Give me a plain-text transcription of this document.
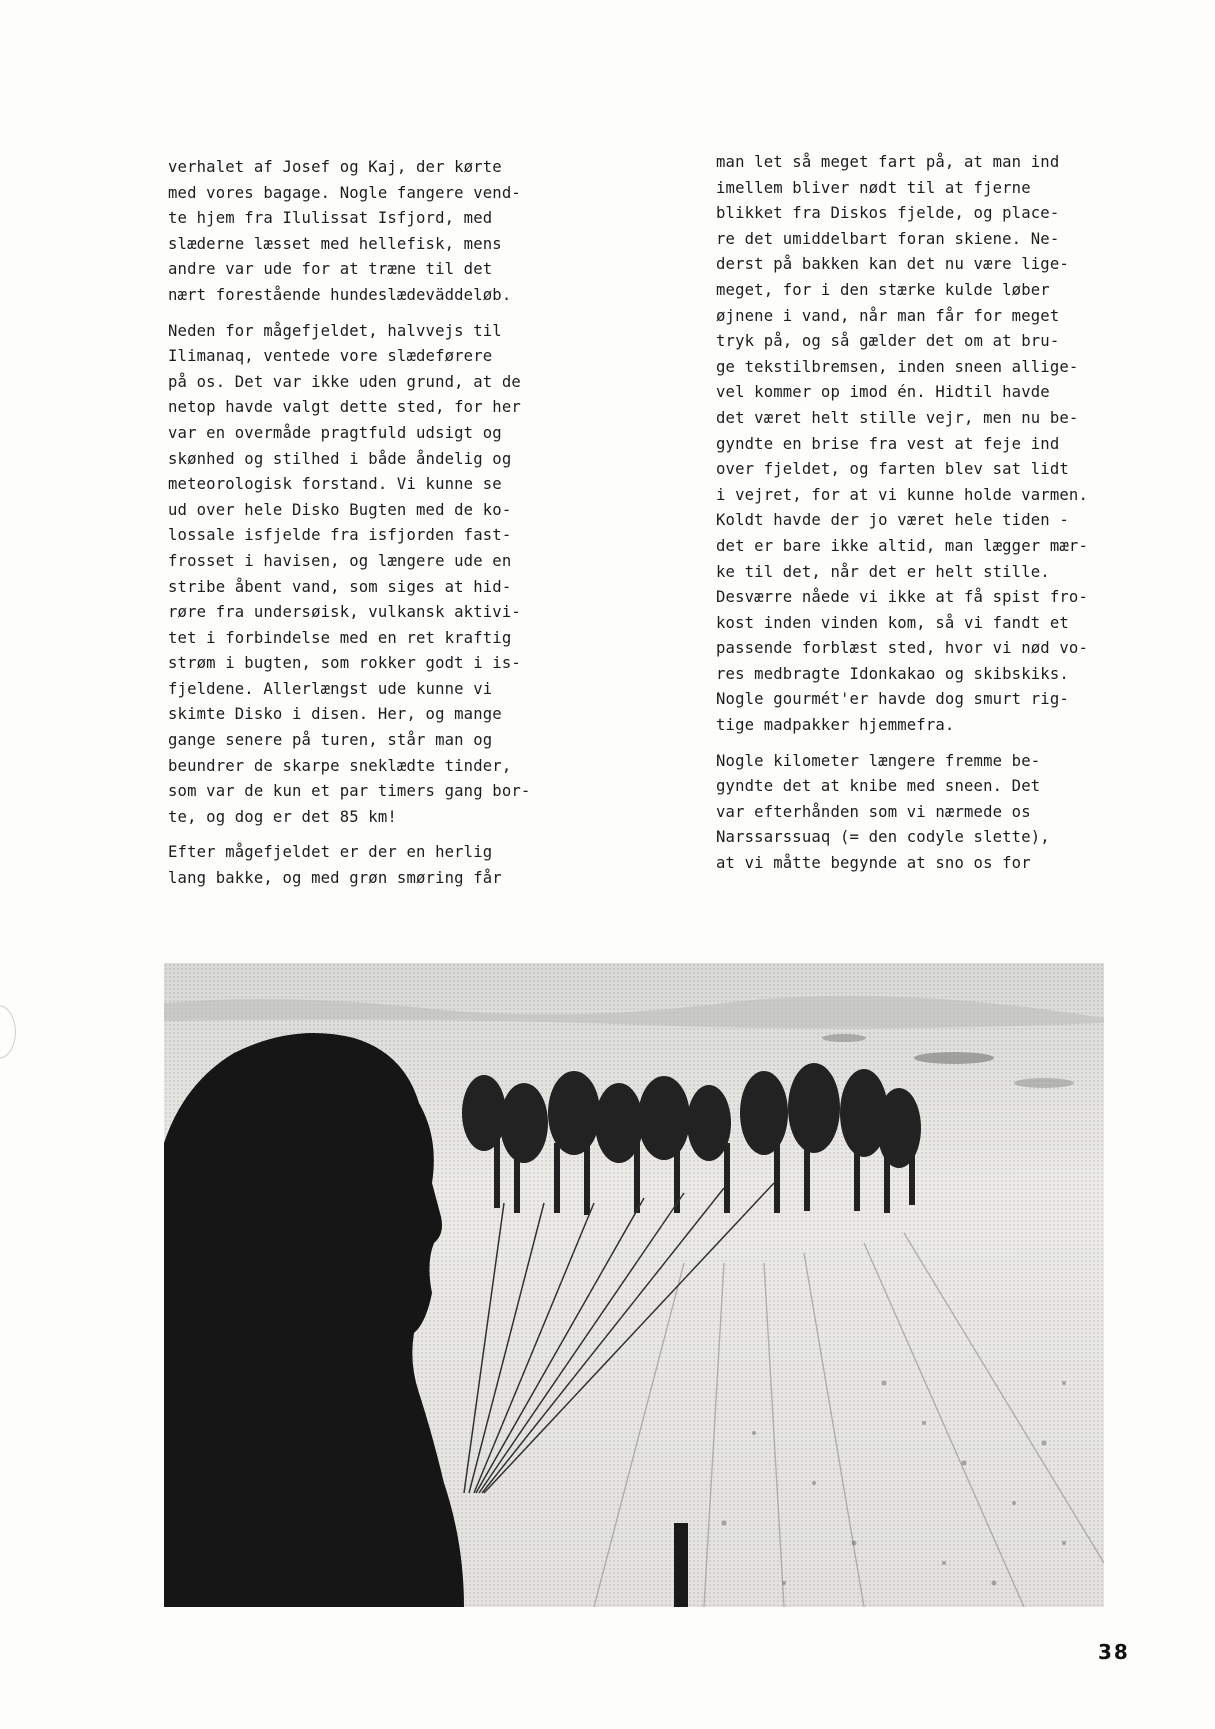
verhalet af Josef og Kaj, der kørte
med vores bagage. Nogle fangere vend-
te hjem fra Ilulissat Isfjord, med
slæderne læsset med hellefisk, mens
andre var ude for at træne til det
nært forestående hundeslædeväddeløb.
Neden for mågefjeldet, halvvejs til
Ilimanaq, ventede vore slædeførere
på os. Det var ikke uden grund, at de
netop havde valgt dette sted, for her
var en overmåde pragtfuld udsigt og
skønhed og stilhed i både åndelig og
meteorologisk forstand. Vi kunne se
ud over hele Disko Bugten med de ko-
lossale isfjelde fra isfjorden fast-
frosset i havisen, og længere ude en
stribe åbent vand, som siges at hid-
røre fra undersøisk, vulkansk aktivi-
tet i forbindelse med en ret kraftig
strøm i bugten, som rokker godt i is-
fjeldene. Allerlængst ude kunne vi
skimte Disko i disen. Her, og mange
gange senere på turen, står man og
beundrer de skarpe sneklædte tinder,
som var de kun et par timers gang bor-
te, og dog er det 85 km!
Efter mågefjeldet er der en herlig
lang bakke, og med grøn smøring får
man let så meget fart på, at man ind
imellem bliver nødt til at fjerne
blikket fra Diskos fjelde, og place-
re det umiddelbart foran skiene. Ne-
derst på bakken kan det nu være lige-
meget, for i den stærke kulde løber
øjnene i vand, når man får for meget
tryk på, og så gælder det om at bru-
ge tekstilbremsen, inden sneen allige-
vel kommer op imod én. Hidtil havde
det været helt stille vejr, men nu be-
gyndte en brise fra vest at feje ind
over fjeldet, og farten blev sat lidt
i vejret, for at vi kunne holde varmen.
Koldt havde der jo været hele tiden -
det er bare ikke altid, man lægger mær-
ke til det, når det er helt stille.
Desværre nåede vi ikke at få spist fro-
kost inden vinden kom, så vi fandt et
passende forblæst sted, hvor vi nød vo-
res medbragte Idonkakao og skibskiks.
Nogle gourmét'er havde dog smurt rig-
tige madpakker hjemmefra.
Nogle kilometer længere fremme be-
gyndte det at knibe med sneen. Det
var efterhånden som vi nærmede os
Narssarssuaq (= den codyle slette),
at vi måtte begynde at sno os for
38
